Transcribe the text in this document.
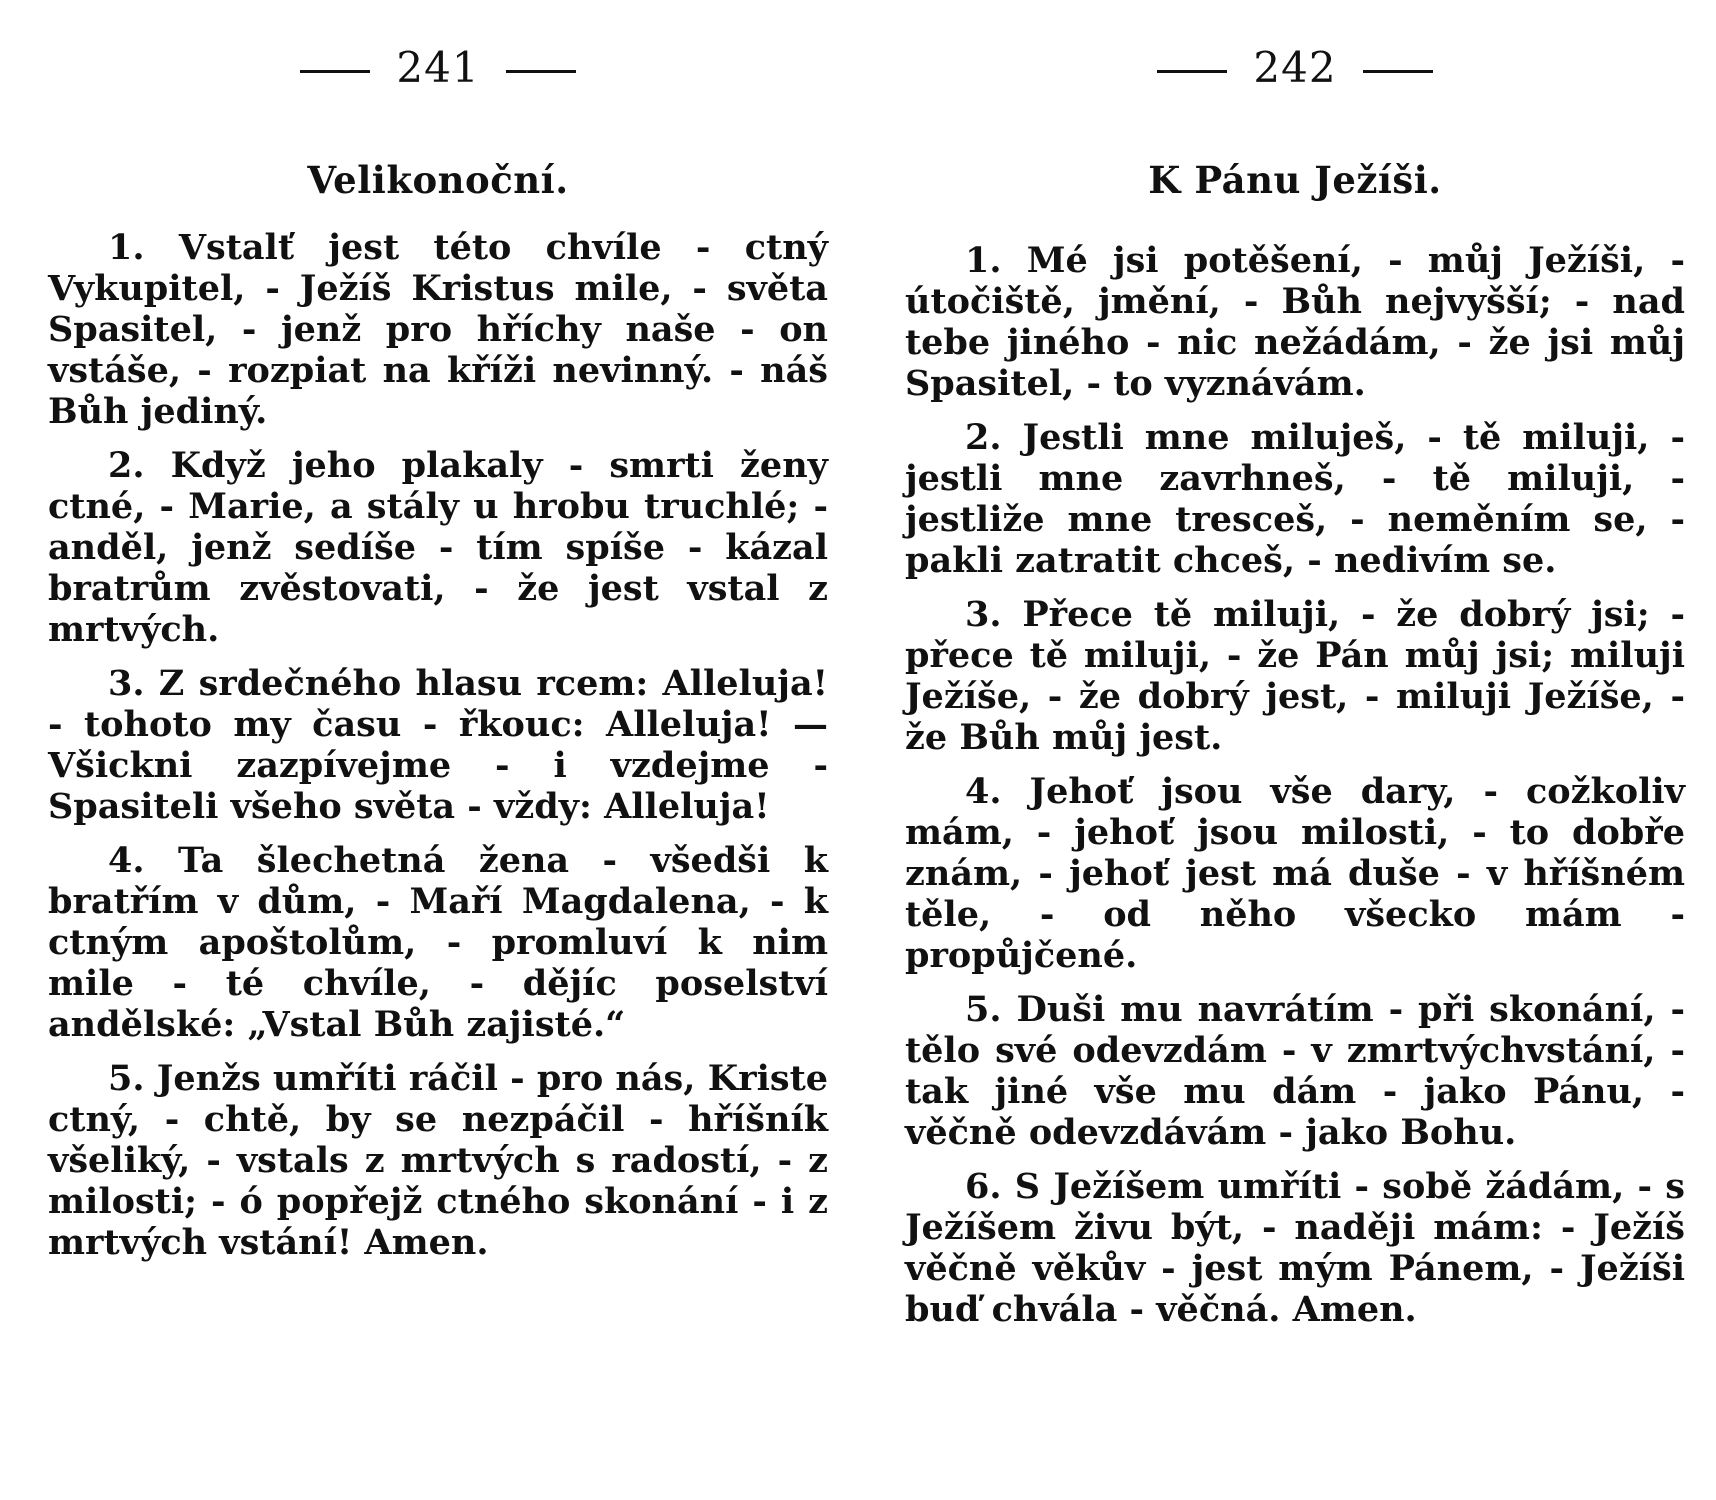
241
Velikonoční.

1. Vstalť jest této chvíle - ctný Vykupitel, - Ježíš Kristus mile, - světa Spasitel, - jenž pro hříchy naše - on vstáše, - rozpiat na kříži nevinný. - náš Bůh jediný.

2. Když jeho plakaly - smrti ženy ctné, - Marie, a stály u hrobu truchlé; - anděl, jenž sedíše - tím spíše - kázal bratrům zvěstovati, - že jest vstal z mrtvých.

3. Z srdečného hlasu rcem: Alleluja! - tohoto my času - řkouc: Alleluja! — Všickni zazpívejme - i vzdejme - Spasiteli všeho světa - vždy: Alleluja!

4. Ta šlechetná žena - všedši k bratřím v dům, - Maří Magdalena, - k ctným apoštolům, - promluví k nim mile - té chvíle, - dějíc poselství andělské: „Vstal Bůh zajisté.“

5. Jenžs umříti ráčil - pro nás, Kriste ctný, - chtě, by se nezpáčil - hříšník všeliký, - vstals z mrtvých s radostí, - z milosti; - ó popřejž ctného skonání - i z mrtvých vstání! Amen.

242
K Pánu Ježíši.

1. Mé jsi potěšení, - můj Ježíši, - útočiště, jmění, - Bůh nejvyšší; - nad tebe jiného - nic nežádám, - že jsi můj Spasitel, - to vyznávám.

2. Jestli mne miluješ, - tě miluji, - jestli mne zavrhneš, - tě miluji, - jestliže mne tresceš, - neměním se, - pakli zatratit chceš, - nedivím se.

3. Přece tě miluji, - že dobrý jsi; - přece tě miluji, - že Pán můj jsi; miluji Ježíše, - že dobrý jest, - miluji Ježíše, - že Bůh můj jest.

4. Jehoť jsou vše dary, - cožkoliv mám, - jehoť jsou milosti, - to dobře znám, - jehoť jest má duše - v hříšném těle, - od něho všecko mám - propůjčené.

5. Duši mu navrátím - při skonání, - tělo své odevzdám - v zmrtvýchvstání, - tak jiné vše mu dám - jako Pánu, - věčně odevzdávám - jako Bohu.

6. S Ježíšem umříti - sobě žádám, - s Ježíšem živu být, - naději mám: - Ježíš věčně věkův - jest mým Pánem, - Ježíši buď chvála - věčná. Amen.
